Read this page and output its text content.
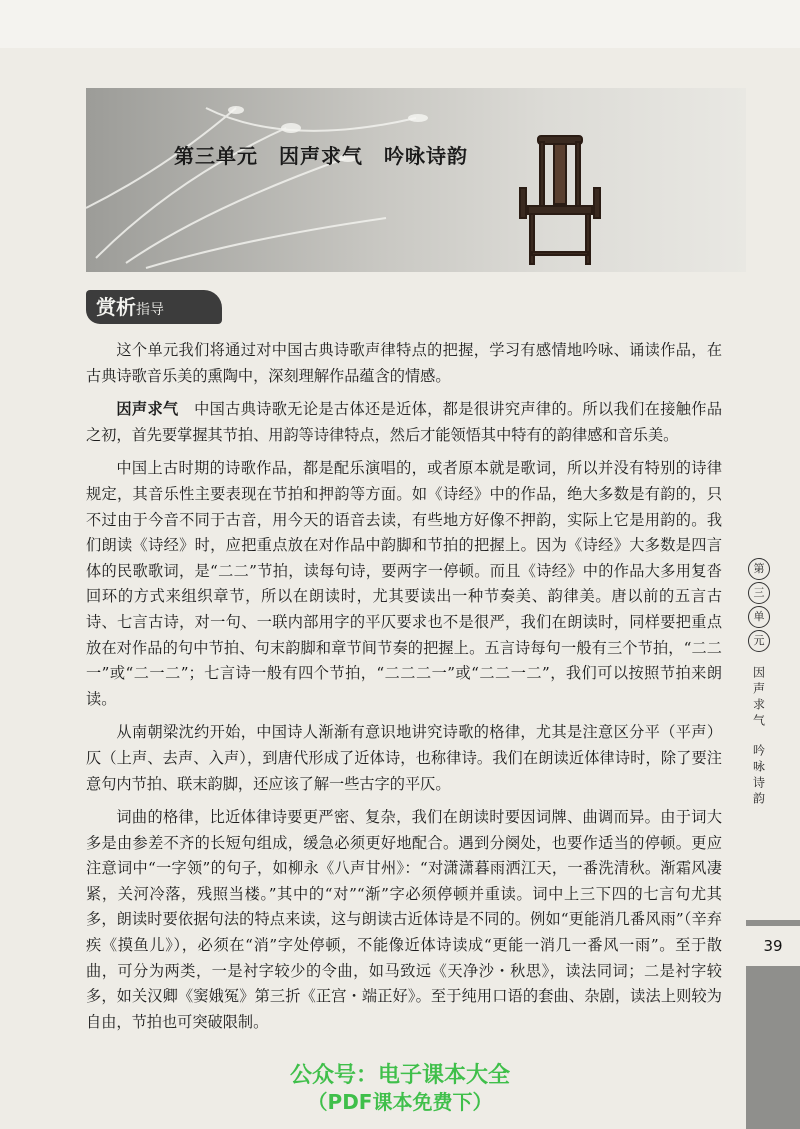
第三单元　因声求气　吟咏诗韵
赏析指导

这个单元我们将通过对中国古典诗歌声律特点的把握，学习有感情地吟咏、诵读作品，在古典诗歌音乐美的熏陶中，深刻理解作品蕴含的情感。

因声求气　中国古典诗歌无论是古体还是近体，都是很讲究声律的。所以我们在接触作品之初，首先要掌握其节拍、用韵等诗律特点，然后才能领悟其中特有的韵律感和音乐美。

中国上古时期的诗歌作品，都是配乐演唱的，或者原本就是歌词，所以并没有特别的诗律规定，其音乐性主要表现在节拍和押韵等方面。如《诗经》中的作品，绝大多数是有韵的，只不过由于今音不同于古音，用今天的语音去读，有些地方好像不押韵，实际上它是用韵的。我们朗读《诗经》时，应把重点放在对作品中韵脚和节拍的把握上。因为《诗经》大多数是四言体的民歌歌词，是“二二”节拍，读每句诗，要两字一停顿。而且《诗经》中的作品大多用复沓回环的方式来组织章节，所以在朗读时，尤其要读出一种节奏美、韵律美。唐以前的五言古诗、七言古诗，对一句、一联内部用字的平仄要求也不是很严，我们在朗读时，同样要把重点放在对作品的句中节拍、句末韵脚和章节间节奏的把握上。五言诗每句一般有三个节拍，“二二一”或“二一二”；七言诗一般有四个节拍，“二二二一”或“二二一二”，我们可以按照节拍来朗读。

从南朝梁沈约开始，中国诗人渐渐有意识地讲究诗歌的格律，尤其是注意区分平（平声）仄（上声、去声、入声），到唐代形成了近体诗，也称律诗。我们在朗读近体律诗时，除了要注意句内节拍、联末韵脚，还应该了解一些古字的平仄。

词曲的格律，比近体律诗要更严密、复杂，我们在朗读时要因词牌、曲调而异。由于词大多是由参差不齐的长短句组成，缓急必须更好地配合。遇到分阕处，也要作适当的停顿。更应注意词中“一字领”的句子，如柳永《八声甘州》：“对潇潇暮雨洒江天，一番洗清秋。渐霜风凄紧，关河冷落，残照当楼。”其中的“对”“渐”字必须停顿并重读。词中上三下四的七言句尤其多，朗读时要依据句法的特点来读，这与朗读古近体诗是不同的。例如“更能消几番风雨”（辛弃疾《摸鱼儿》），必须在“消”字处停顿，不能像近体诗读成“更能一消几一番风一雨”。至于散曲，可分为两类，一是衬字较少的令曲，如马致远《天净沙・秋思》，读法同词；二是衬字较多，如关汉卿《窦娥冤》第三折《正宫・端正好》。至于纯用口语的套曲、杂剧，读法上则较为自由，节拍也可突破限制。

第
三
单
元
因声求气
吟咏诗韵
39
公众号：电子课本大全
（PDF课本免费下）
